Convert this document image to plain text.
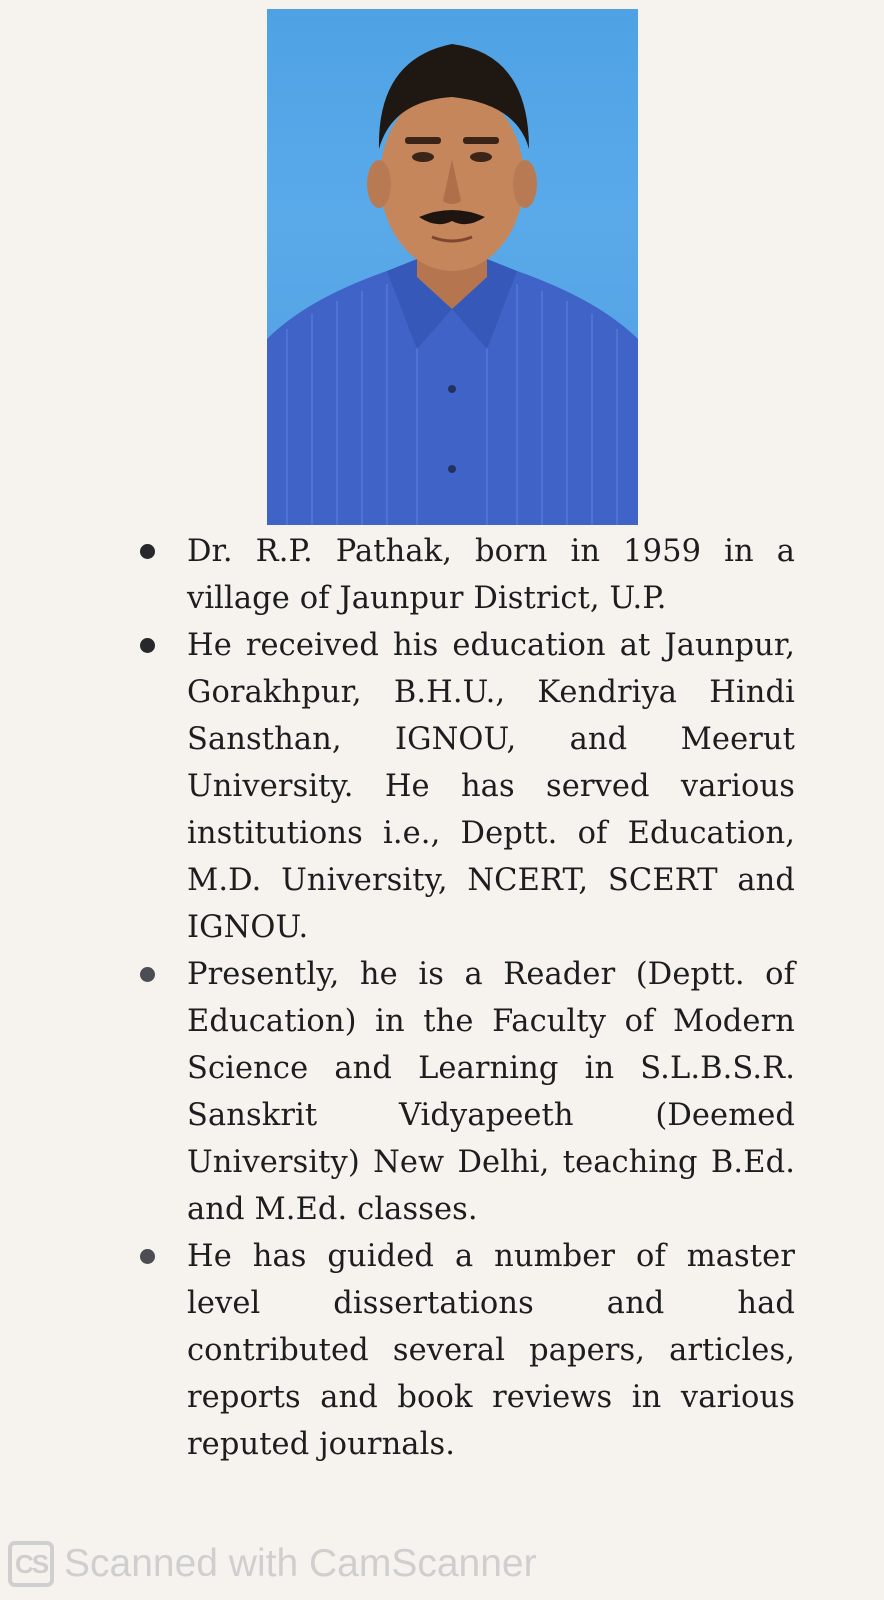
Dr. R.P. Pathak, born in 1959 in a village of Jaunpur District, U.P.
He received his education at Jaunpur, Gorakhpur, B.H.U., Kendriya Hindi Sansthan, IGNOU, and Meerut University. He has served various institutions i.e., Deptt. of Education, M.D. University, NCERT, SCERT and IGNOU.
Presently, he is a Reader (Deptt. of Education) in the Faculty of Modern Science and Learning in S.L.B.S.R. Sanskrit Vidyapeeth (Deemed University) New Delhi, teaching B.Ed. and M.Ed. classes.
He has guided a number of master level dissertations and had contributed several papers, articles, reports and book reviews in various reputed journals.
CS Scanned with CamScanner
